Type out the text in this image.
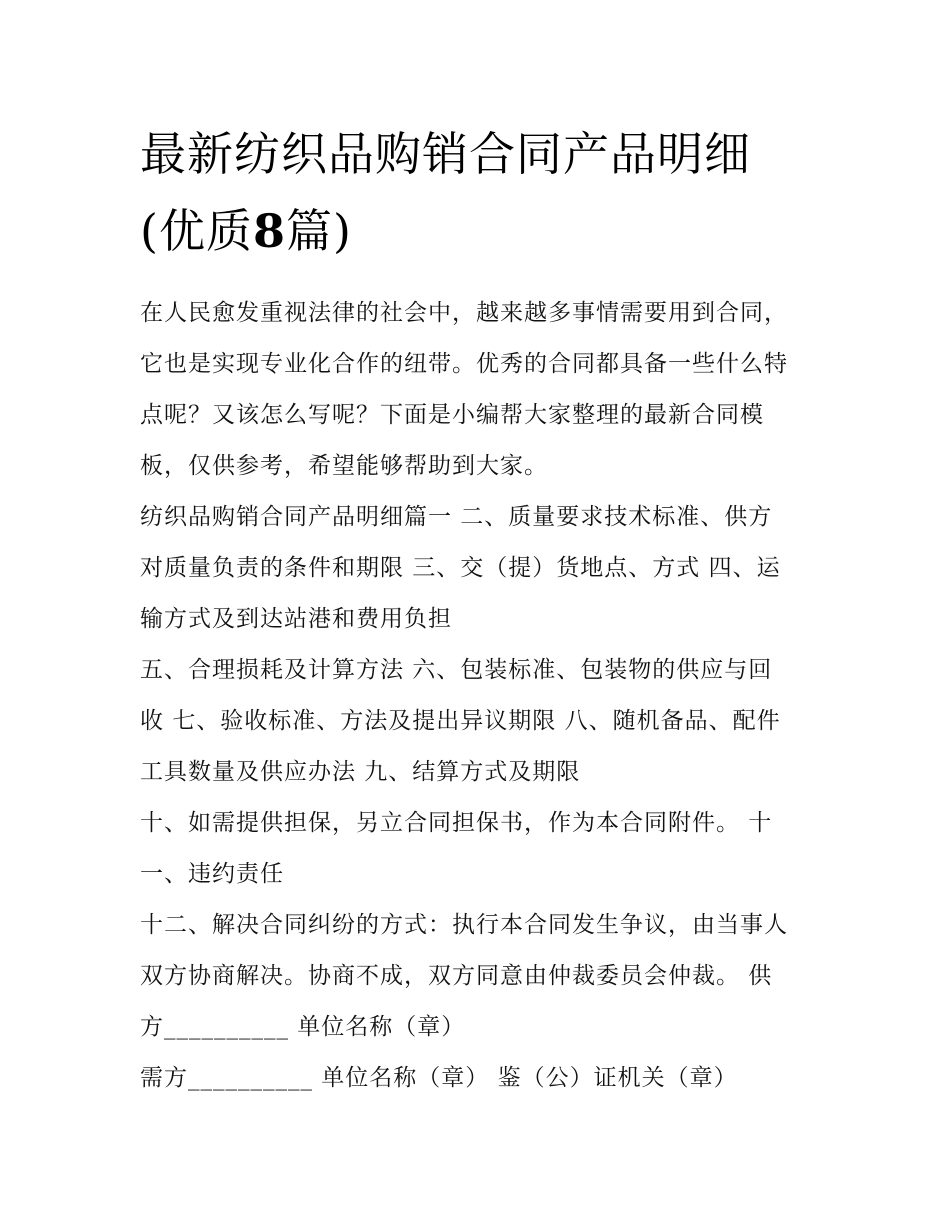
最新纺织品购销合同产品明细
(优质8篇)

在人民愈发重视法律的社会中，越来越多事情需要用到合同，
它也是实现专业化合作的纽带。优秀的合同都具备一些什么特
点呢？又该怎么写呢？下面是小编帮大家整理的最新合同模
板，仅供参考，希望能够帮助到大家。

纺织品购销合同产品明细篇一 二、质量要求技术标准、供方
对质量负责的条件和期限 三、交（提）货地点、方式 四、运
输方式及到达站港和费用负担

五、合理损耗及计算方法 六、包装标准、包装物的供应与回
收 七、验收标准、方法及提出异议期限 八、随机备品、配件
工具数量及供应办法 九、结算方式及期限

十、如需提供担保，另立合同担保书，作为本合同附件。 十
一、违约责任

十二、解决合同纠纷的方式：执行本合同发生争议，由当事人
双方协商解决。协商不成，双方同意由仲裁委员会仲裁。 供
方__________ 单位名称（章）

需方__________ 单位名称（章） 鉴（公）证机关（章）
